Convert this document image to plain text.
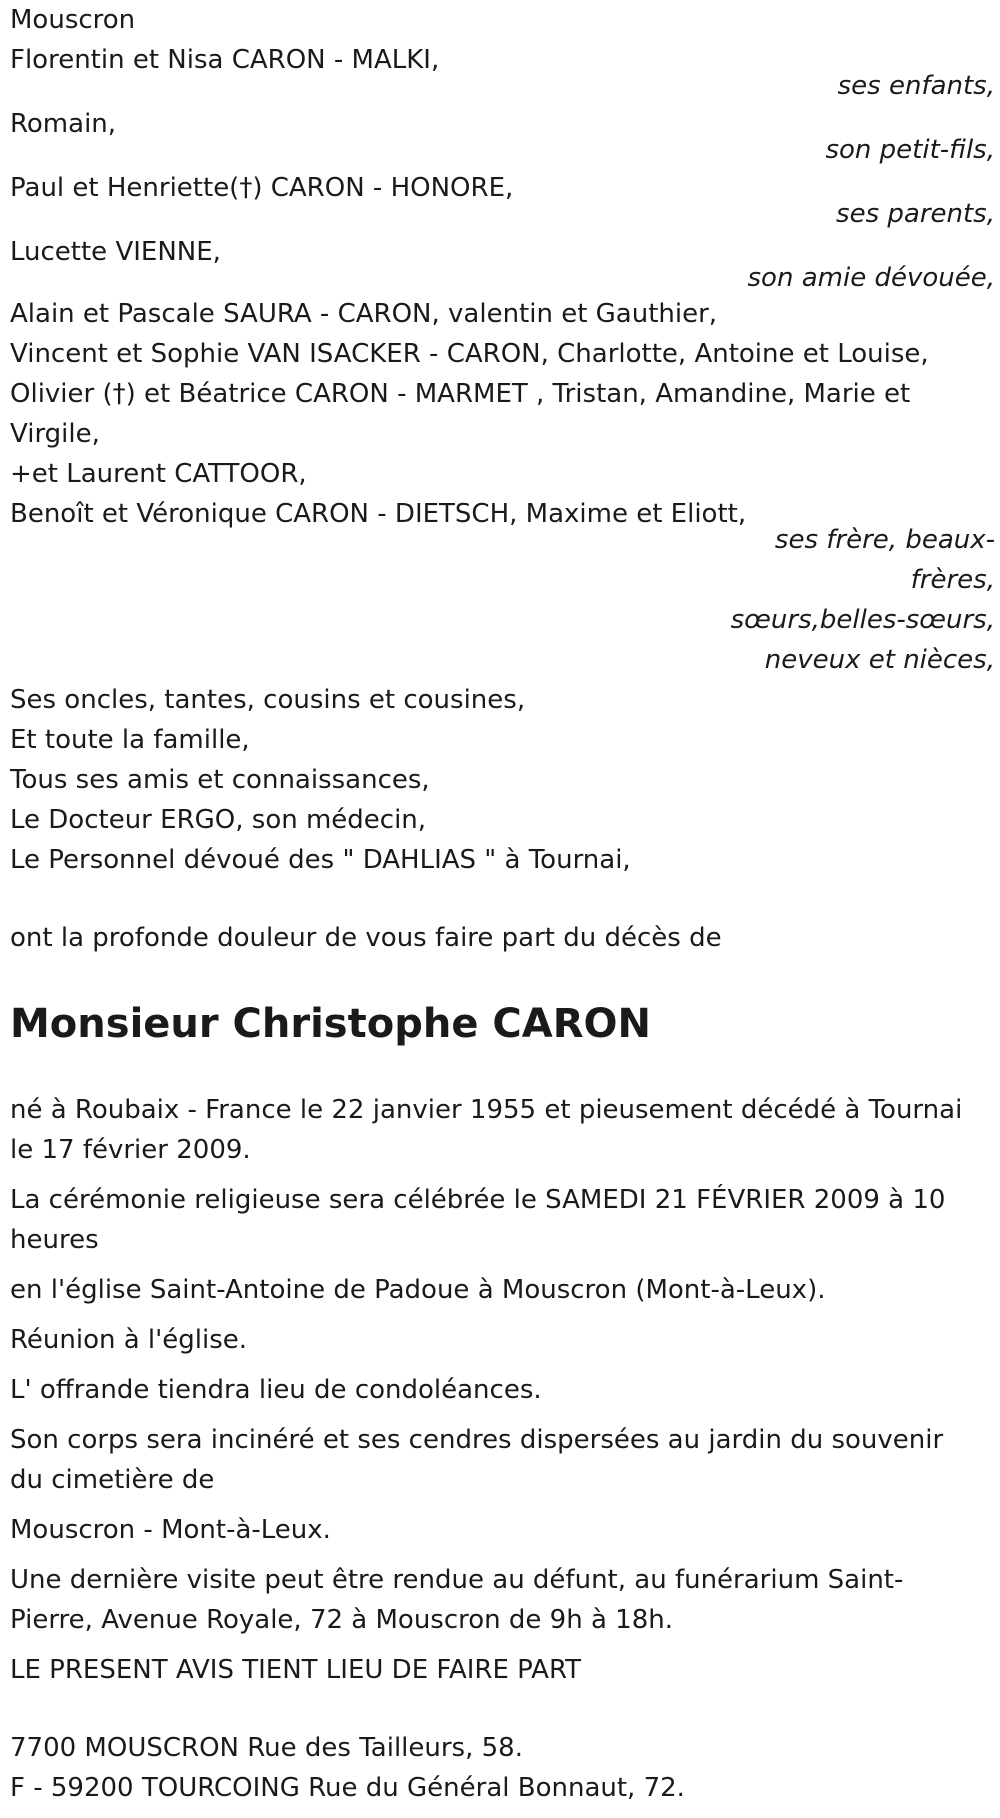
Mouscron
Florentin et Nisa CARON - MALKI,
ses enfants,
Romain,
son petit-fils,
Paul et Henriette(†) CARON - HONORE,
ses parents,
Lucette VIENNE,
son amie dévouée,
Alain et Pascale SAURA - CARON, valentin et Gauthier,
Vincent et Sophie VAN ISACKER - CARON, Charlotte, Antoine et Louise,
Olivier (†) et Béatrice CARON - MARMET , Tristan, Amandine, Marie et Virgile,
+et Laurent CATTOOR,
Benoît et Véronique CARON - DIETSCH, Maxime et Eliott,
ses frère, beaux-
frères,
sœurs,belles-sœurs,
neveux et nièces,
Ses oncles, tantes, cousins et cousines,
Et toute la famille,
Tous ses amis et connaissances,
Le Docteur ERGO, son médecin,
Le Personnel dévoué des " DAHLIAS " à Tournai,
ont la profonde douleur de vous faire part du décès de
Monsieur Christophe CARON
né à Roubaix - France le 22 janvier 1955 et pieusement décédé à Tournai le 17 février 2009.
La cérémonie religieuse sera célébrée le SAMEDI 21 FÉVRIER 2009 à 10 heures
en l'église Saint-Antoine de Padoue à Mouscron (Mont-à-Leux).
Réunion à l'église.
L' offrande tiendra lieu de condoléances.
Son corps sera incinéré et ses cendres dispersées au jardin du souvenir du cimetière de
Mouscron - Mont-à-Leux.
Une dernière visite peut être rendue au défunt, au funérarium Saint-Pierre, Avenue Royale, 72 à Mouscron de 9h à 18h.
LE PRESENT AVIS TIENT LIEU DE FAIRE PART
7700 MOUSCRON Rue des Tailleurs, 58.
F - 59200 TOURCOING Rue du Général Bonnaut, 72.
